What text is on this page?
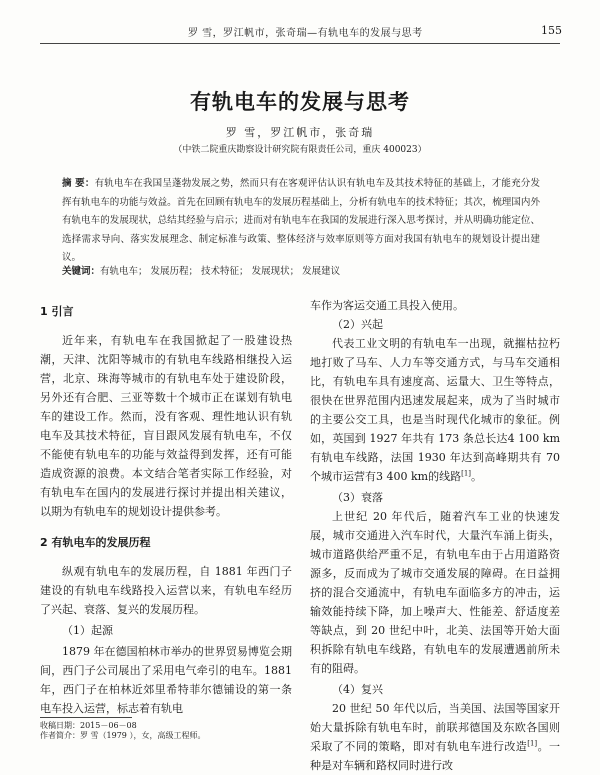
罗 雪，罗江帆市，张奇瑞—有轨电车的发展与思考	155
有轨电车的发展与思考
罗 雪，罗江帆市，张奇瑞
（中铁二院重庆勘察设计研究院有限责任公司，重庆 400023）
摘 要：有轨电车在我国呈蓬勃发展之势，然而只有在客观评估认识有轨电车及其技术特征的基础上，才能充分发挥有轨电车的功能与效益。首先在回顾有轨电车的发展历程基础上，分析有轨电车的技术特征；其次，梳理国内外有轨电车的发展现状，总结其经验与启示；进而对有轨电车在我国的发展进行深入思考探讨，并从明确功能定位、选择需求导向、落实发展理念、制定标准与政策、整体经济与效率原则等方面对我国有轨电车的规划设计提出建议。
关键词：有轨电车； 发展历程； 技术特征； 发展现状； 发展建议
1 引言

近年来，有轨电车在我国掀起了一股建设热潮，天津、沈阳等城市的有轨电车线路相继投入运营，北京、珠海等城市的有轨电车处于建设阶段，另外还有合肥、三亚等数十个城市正在谋划有轨电车的建设工作。然而，没有客观、理性地认识有轨电车及其技术特征，盲目跟风发展有轨电车，不仅不能使有轨电车的功能与效益得到发挥，还有可能造成资源的浪费。本文结合笔者实际工作经验，对有轨电车在国内的发展进行探讨并提出相关建议，以期为有轨电车的规划设计提供参考。

2 有轨电车的发展历程

纵观有轨电车的发展历程，自 1881 年西门子建设的有轨电车线路投入运营以来，有轨电车经历了兴起、衰落、复兴的发展历程。

（1）起源

1879 年在德国柏林市举办的世界贸易博览会期间，西门子公司展出了采用电气牵引的电车。1881 年，西门子在柏林近郊里希特菲尔德铺设的第一条电车投入运营，标志着有轨电

车作为客运交通工具投入使用。

（2）兴起

代表工业文明的有轨电车一出现，就摧枯拉朽地打败了马车、人力车等交通方式，与马车交通相比，有轨电车具有速度高、运量大、卫生等特点，很快在世界范围内迅速发展起来，成为了当时城市的主要公交工具，也是当时现代化城市的象征。例如，英国到 1927 年共有 173 条总长达4 100 km有轨电车线路，法国 1930 年达到高峰期共有 70 个城市运营有3 400 km的线路[1]。

（3）衰落

上世纪 20 年代后，随着汽车工业的快速发展，城市交通进入汽车时代，大量汽车涌上街头，城市道路供给严重不足，有轨电车由于占用道路资源多，反而成为了城市交通发展的障碍。在日益拥挤的混合交通流中，有轨电车面临多方的冲击，运输效能持续下降，加上噪声大、性能差、舒适度差等缺点，到 20 世纪中叶，北美、法国等开始大面积拆除有轨电车线路，有轨电车的发展遭遇前所未有的阻碍。

（4）复兴

20 世纪 50 年代以后，当美国、法国等国家开始大量拆除有轨电车时，前联邦德国及东欧各国则采取了不同的策略，即对有轨电车进行改造[1]。一种是对车辆和路权同时进行改

收稿日期：2015－06－08
作者简介：罗 雪（1979 ），女，高级工程师。
